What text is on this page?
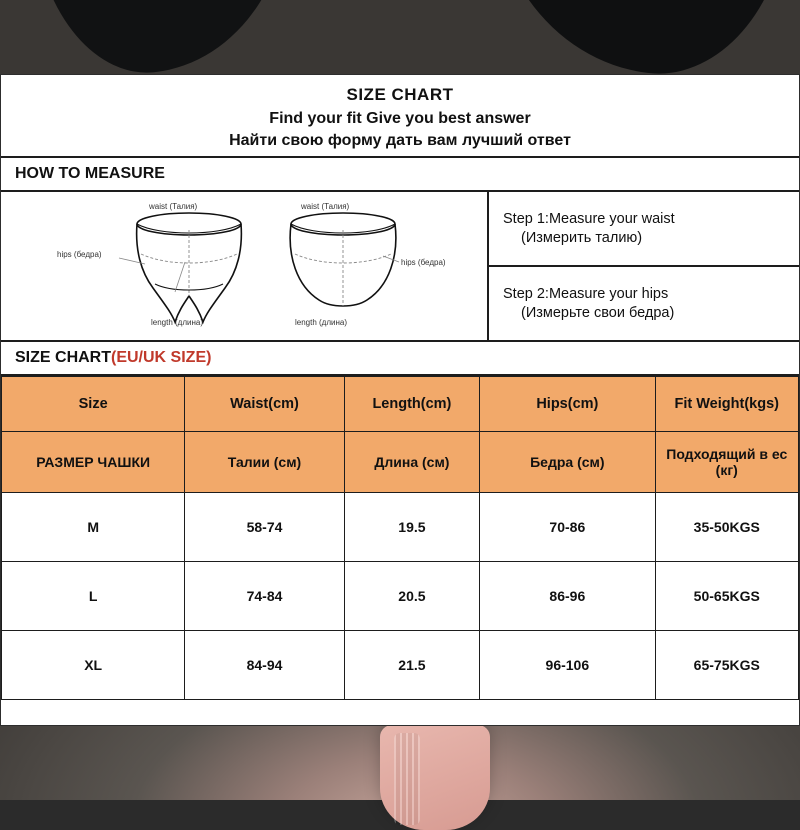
SIZE CHART
Find your fit Give you best answer
Найти свою форму дать вам лучший ответ
HOW TO MEASURE
waist (Талия)
hips (бедра)
length (длина)
waist (Талия)
hips (бедра)
length (длина)
Step 1:Measure your waist
(Измерить талию)
Step 2:Measure your hips
(Измерьте свои бедра)
SIZE CHART(EU/UK SIZE)
Size	Waist(cm)	Length(cm)	Hips(cm)	Fit Weight(kgs)
РАЗМЕР ЧАШКИ	Талии (см)	Длина (см)	Бедра (см)	Подходящий в ес (кг)
M	58-74	19.5	70-86	35-50KGS
L	74-84	20.5	86-96	50-65KGS
XL	84-94	21.5	96-106	65-75KGS
